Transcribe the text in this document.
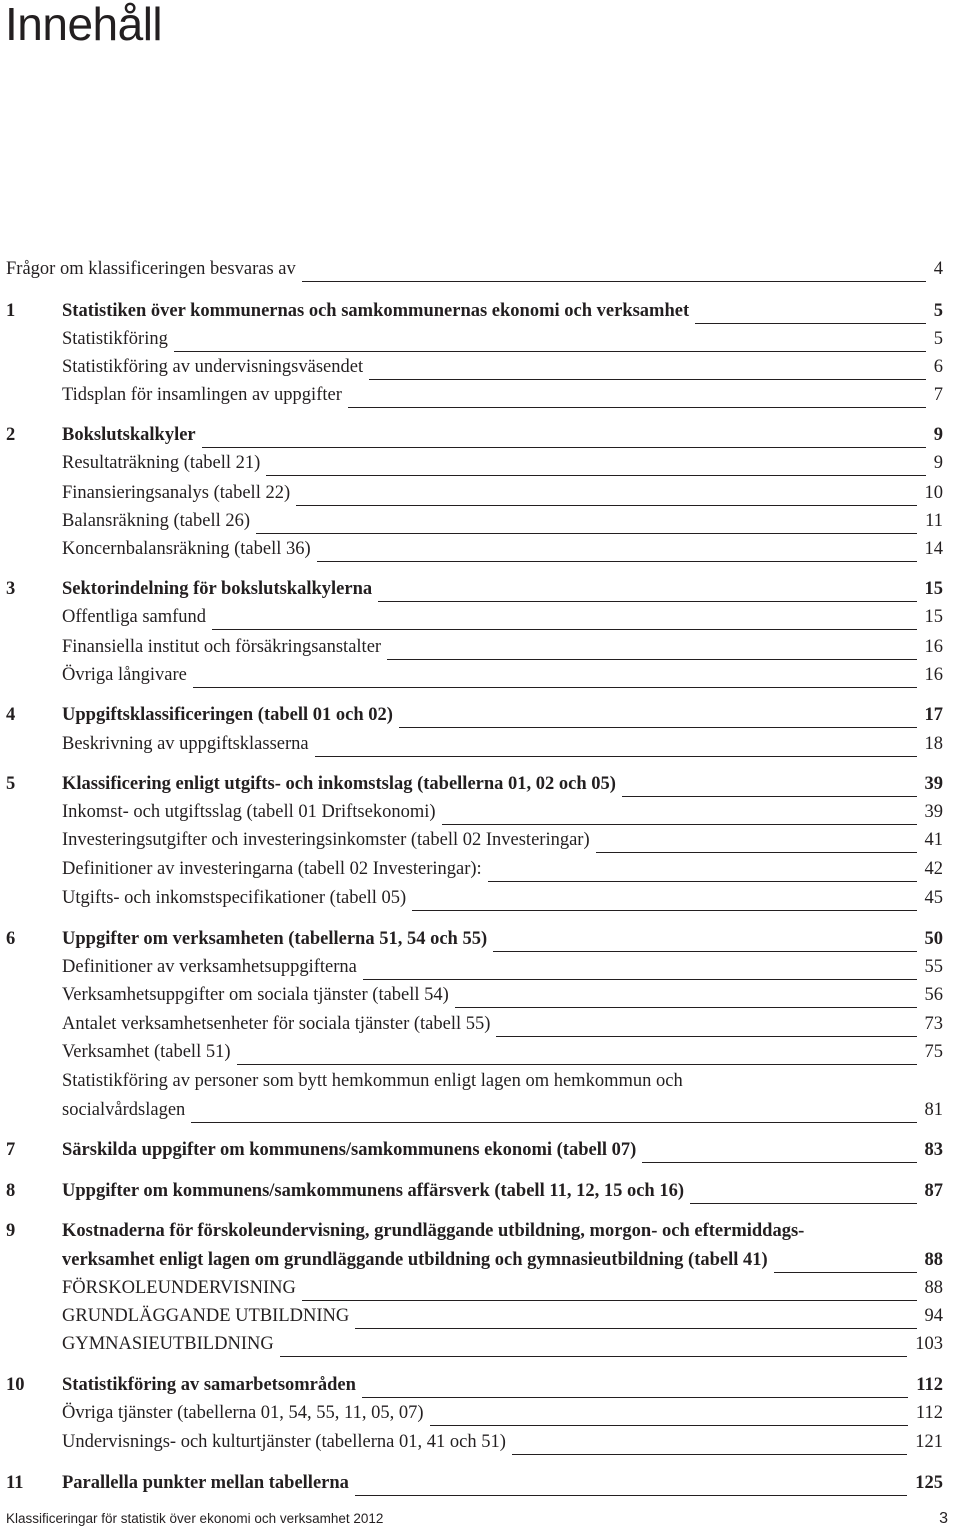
Innehåll
Frågor om klassificeringen besvaras av	4
1	Statistiken över kommunernas och samkommunernas ekonomi och verksamhet	5
Statistikföring	5
Statistikföring av undervisningsväsendet	6
Tidsplan för insamlingen av uppgifter	7
2	Bokslutskalkyler	9
Resultaträkning (tabell 21)	9
Finansieringsanalys (tabell 22)	10
Balansräkning (tabell 26)	11
Koncernbalansräkning (tabell 36)	14
3	Sektorindelning för bokslutskalkylerna	15
Offentliga samfund	15
Finansiella institut och försäkringsanstalter	16
Övriga långivare	16
4	Uppgiftsklassificeringen (tabell 01 och 02)	17
Beskrivning av uppgiftsklasserna	18
5	Klassificering enligt utgifts- och inkomstslag (tabellerna 01, 02 och 05)	39
Inkomst- och utgiftsslag (tabell 01 Driftsekonomi)	39
Investeringsutgifter och investeringsinkomster (tabell 02 Investeringar)	41
Definitioner av investeringarna (tabell 02 Investeringar):	42
Utgifts- och inkomstspecifikationer (tabell 05)	45
6	Uppgifter om verksamheten (tabellerna 51, 54 och 55)	50
Definitioner av verksamhetsuppgifterna	55
Verksamhetsuppgifter om sociala tjänster (tabell 54)	56
Antalet verksamhetsenheter för sociala tjänster (tabell 55)	73
Verksamhet (tabell 51)	75
Statistikföring av personer som bytt hemkommun enligt lagen om hemkommun och
socialvårdslagen	81
7	Särskilda uppgifter om kommunens/samkommunens ekonomi (tabell 07)	83
8	Uppgifter om kommunens/samkommunens affärsverk (tabell 11, 12, 15 och 16)	87
9	Kostnaderna för förskoleundervisning, grundläggande utbildning, morgon- och eftermiddags-
verksamhet enligt lagen om grundläggande utbildning och gymnasieutbildning (tabell 41)	88
FÖRSKOLEUNDERVISNING	88
GRUNDLÄGGANDE UTBILDNING	94
GYMNASIEUTBILDNING	103
10 Statistikföring av samarbetsområden	112
Övriga tjänster (tabellerna 01, 54, 55, 11, 05, 07)	112
Undervisnings- och kulturtjänster (tabellerna 01, 41 och 51)	121
11 Parallella punkter mellan tabellerna	125
Klassificeringar för statistik över ekonomi och verksamhet 2012	3
